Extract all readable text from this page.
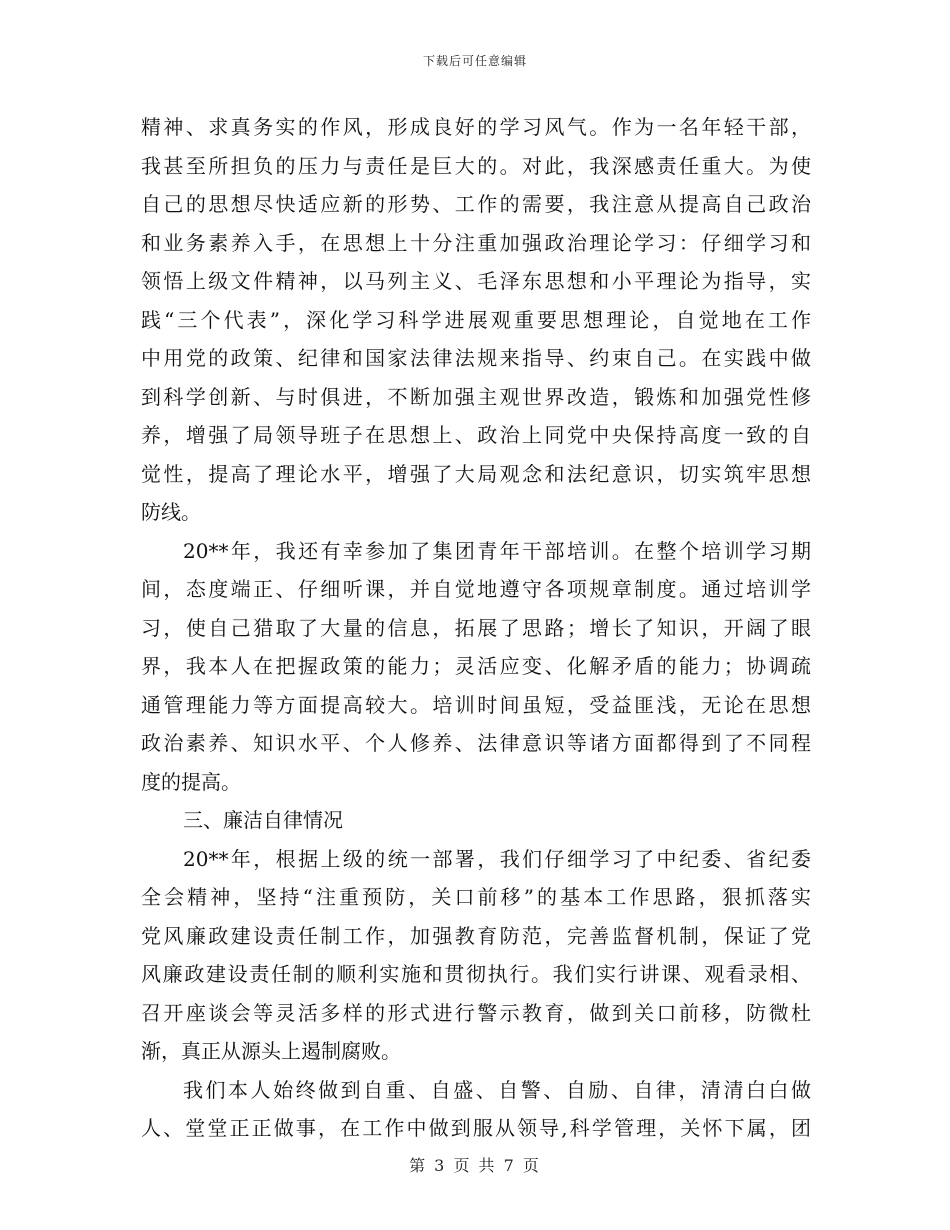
下载后可任意编辑
精神、求真务实的作风，形成良好的学习风气。作为一名年轻干部，
我甚至所担负的压力与责任是巨大的。对此，我深感责任重大。为使
自己的思想尽快适应新的形势、工作的需要，我注意从提高自己政治
和业务素养入手，在思想上十分注重加强政治理论学习：仔细学习和
领悟上级文件精神，以马列主义、毛泽东思想和小平理论为指导，实
践“三个代表”，深化学习科学进展观重要思想理论，自觉地在工作
中用党的政策、纪律和国家法律法规来指导、约束自己。在实践中做
到科学创新、与时俱进，不断加强主观世界改造，锻炼和加强党性修
养，增强了局领导班子在思想上、政治上同党中央保持高度一致的自
觉性，提高了理论水平，增强了大局观念和法纪意识，切实筑牢思想
防线。
20**年，我还有幸参加了集团青年干部培训。在整个培训学习期
间，态度端正、仔细听课，并自觉地遵守各项规章制度。通过培训学
习，使自己猎取了大量的信息，拓展了思路；增长了知识，开阔了眼
界，我本人在把握政策的能力；灵活应变、化解矛盾的能力；协调疏
通管理能力等方面提高较大。培训时间虽短，受益匪浅，无论在思想
政治素养、知识水平、个人修养、法律意识等诸方面都得到了不同程
度的提高。
三、廉洁自律情况
20**年，根据上级的统一部署，我们仔细学习了中纪委、省纪委
全会精神，坚持“注重预防，关口前移”的基本工作思路，狠抓落实
党风廉政建设责任制工作，加强教育防范，完善监督机制，保证了党
风廉政建设责任制的顺利实施和贯彻执行。我们实行讲课、观看录相、
召开座谈会等灵活多样的形式进行警示教育，做到关口前移，防微杜
渐，真正从源头上遏制腐败。
我们本人始终做到自重、自盛、自警、自励、自律，清清白白做
人、堂堂正正做事，在工作中做到服从领导,科学管理，关怀下属，团
第 3 页 共 7 页
